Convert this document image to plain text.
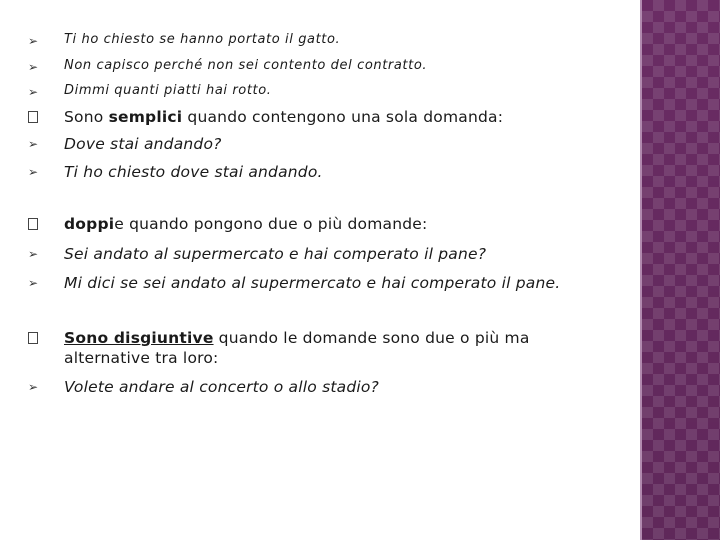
➢	Ti ho chiesto se hanno portato il gatto.
➢	Non capisco perché non sei contento del contratto.
➢	Dimmi quanti piatti hai rotto.
Sono semplici quando contengono una sola domanda:
➢	Dove stai andando?
➢	Ti ho chiesto dove stai andando.
doppie quando pongono due o più domande:
➢	Sei andato al supermercato e hai comperato il pane?
➢	Mi dici se sei andato al supermercato e hai comperato il pane.
Sono disgiuntive quando le domande sono due o più ma
alternative tra loro:
➢	Volete andare al concerto o allo stadio?
